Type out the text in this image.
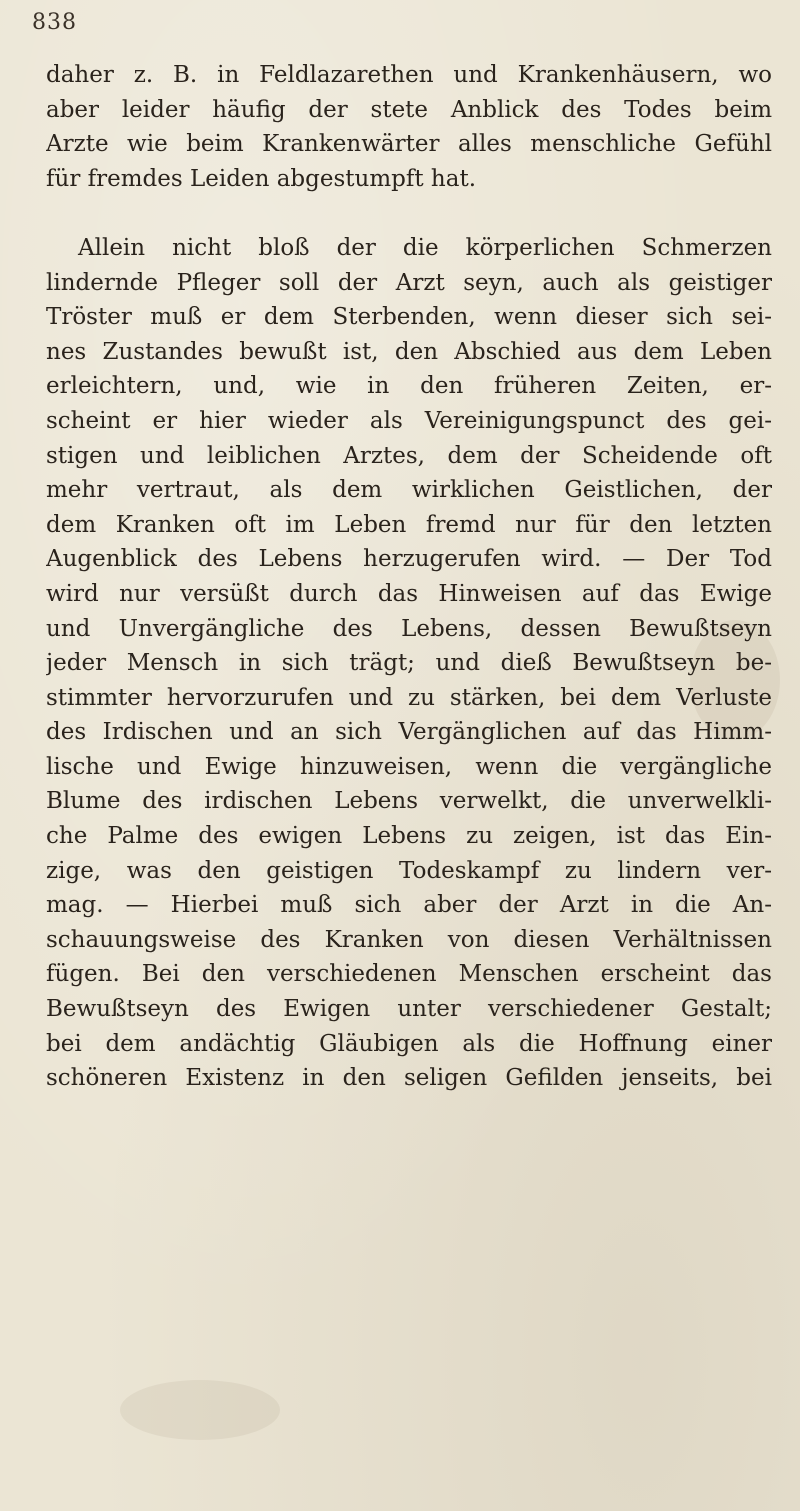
838
daher z. B. in Feldlazarethen und Krankenhäusern, wo
aber leider häufig der stete Anblick des Todes beim
Arzte wie beim Krankenwärter alles menschliche Gefühl
für fremdes Leiden abgestumpft hat.
Allein nicht bloß der die körperlichen Schmerzen
lindernde Pfleger soll der Arzt seyn, auch als geistiger
Tröster muß er dem Sterbenden, wenn dieser sich sei-
nes Zustandes bewußt ist, den Abschied aus dem Leben
erleichtern, und, wie in den früheren Zeiten, er-
scheint er hier wieder als Vereinigungspunct des gei-
stigen und leiblichen Arztes, dem der Scheidende oft
mehr vertraut, als dem wirklichen Geistlichen, der
dem Kranken oft im Leben fremd nur für den letzten
Augenblick des Lebens herzugerufen wird. — Der Tod
wird nur versüßt durch das Hinweisen auf das Ewige
und Unvergängliche des Lebens, dessen Bewußtseyn
jeder Mensch in sich trägt; und dieß Bewußtseyn be-
stimmter hervorzurufen und zu stärken, bei dem Verluste
des Irdischen und an sich Vergänglichen auf das Himm-
lische und Ewige hinzuweisen, wenn die vergängliche
Blume des irdischen Lebens verwelkt, die unverwelkli-
che Palme des ewigen Lebens zu zeigen, ist das Ein-
zige, was den geistigen Todeskampf zu lindern ver-
mag. — Hierbei muß sich aber der Arzt in die An-
schauungsweise des Kranken von diesen Verhältnissen
fügen. Bei den verschiedenen Menschen erscheint das
Bewußtseyn des Ewigen unter verschiedener Gestalt;
bei dem andächtig Gläubigen als die Hoffnung einer
schöneren Existenz in den seligen Gefilden jenseits, bei
